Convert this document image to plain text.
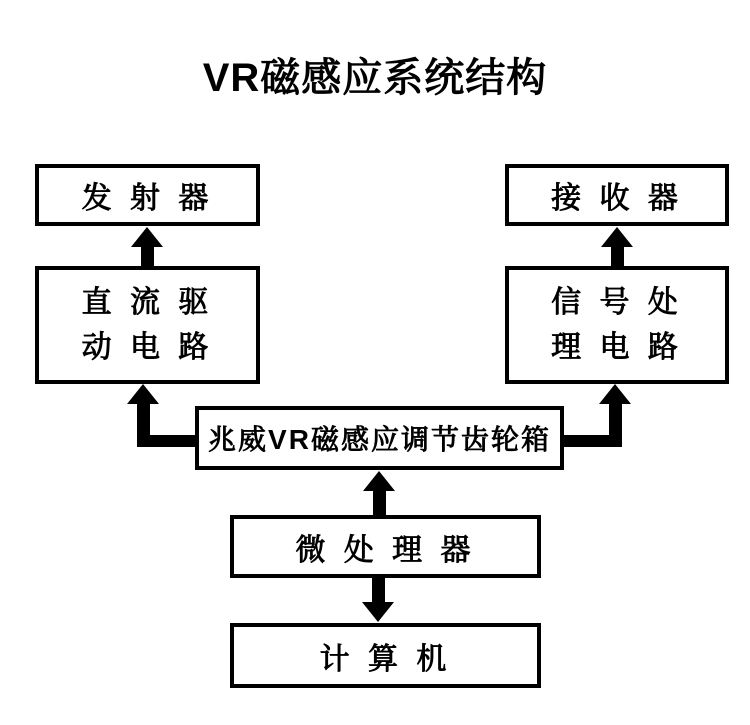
VR磁感应系统结构
发 射 器	接 收 器
直 流 驱
动 电 路
信 号 处
理 电 路
兆威VR磁感应调节齿轮箱
微 处 理 器
计 算 机
